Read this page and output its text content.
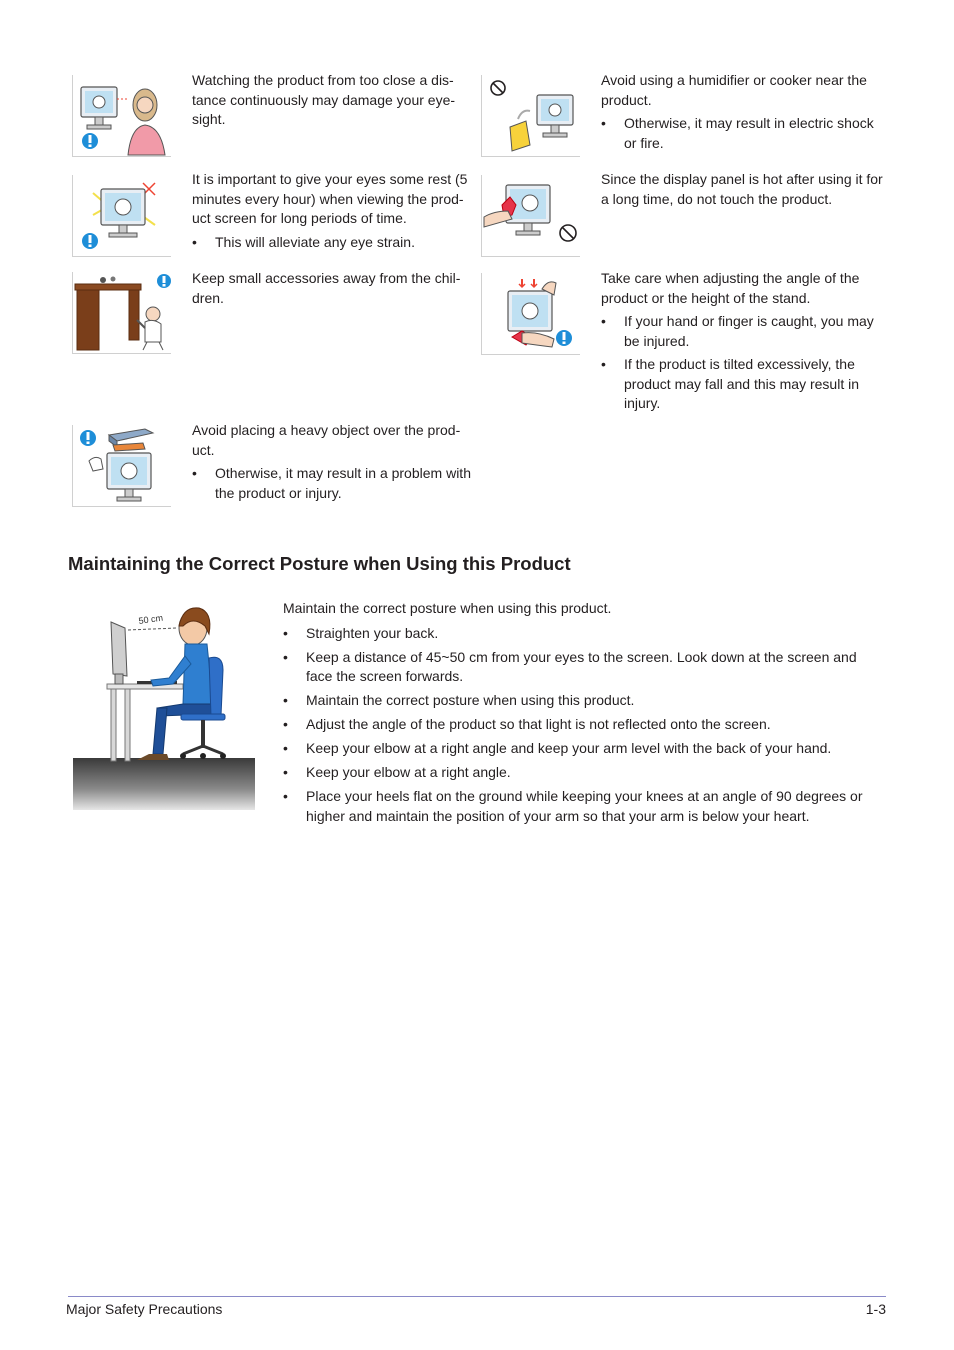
Watching the product from too close a dis-tance continuously may damage your eye-sight.

Avoid using a humidifier or cooker near the product.

• Otherwise, it may result in electric shock or fire.

It is important to give your eyes some rest (5 minutes every hour) when viewing the prod-uct screen for long periods of time.

• This will alleviate any eye strain.

Since the display panel is hot after using it for a long time, do not touch the product.

Keep small accessories away from the chil-dren.

Take care when adjusting the angle of the product or the height of the stand.

• If your hand or finger is caught, you may be injured.
• If the product is tilted excessively, the product may fall and this may result in injury.

Avoid placing a heavy object over the prod-uct.

• Otherwise, it may result in a problem with the product or injury.
Maintaining the Correct Posture when Using this Product
50 cm

Maintain the correct posture when using this product.

• Straighten your back.
• Keep a distance of 45~50 cm from your eyes to the screen. Look down at the screen and face the screen forwards.
• Maintain the correct posture when using this product.
• Adjust the angle of the product so that light is not reflected onto the screen.
• Keep your elbow at a right angle and keep your arm level with the back of your hand.
• Keep your elbow at a right angle.
• Place your heels flat on the ground while keeping your knees at an angle of 90 degrees or higher and maintain the position of your arm so that your arm is below your heart.
Major Safety Precautions	1-3
